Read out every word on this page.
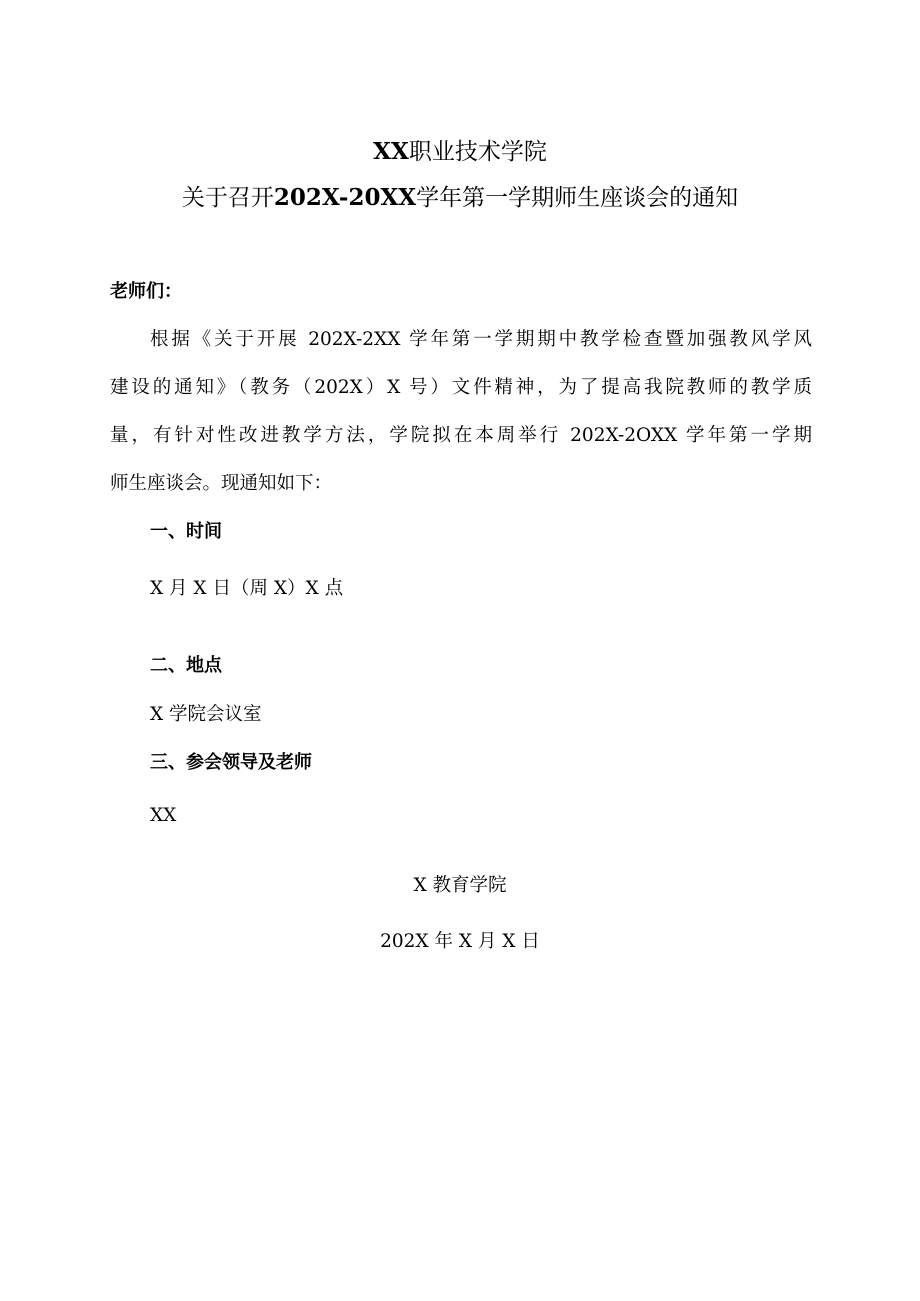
XX职业技术学院
关于召开202X-20XX学年第一学期师生座谈会的通知
老师们：
根据《关于开展 202X-2XX 学年第一学期期中教学检查暨加强教风学风
建设的通知》（教务（202X）X 号）文件精神，为了提高我院教师的教学质
量，有针对性改进教学方法，学院拟在本周举行 202X-2OXX 学年第一学期
师生座谈会。现通知如下：
一、时间
X 月 X 日（周 X）X 点
二、地点
X 学院会议室
三、参会领导及老师
XX
X 教育学院
202X 年 X 月 X 日
